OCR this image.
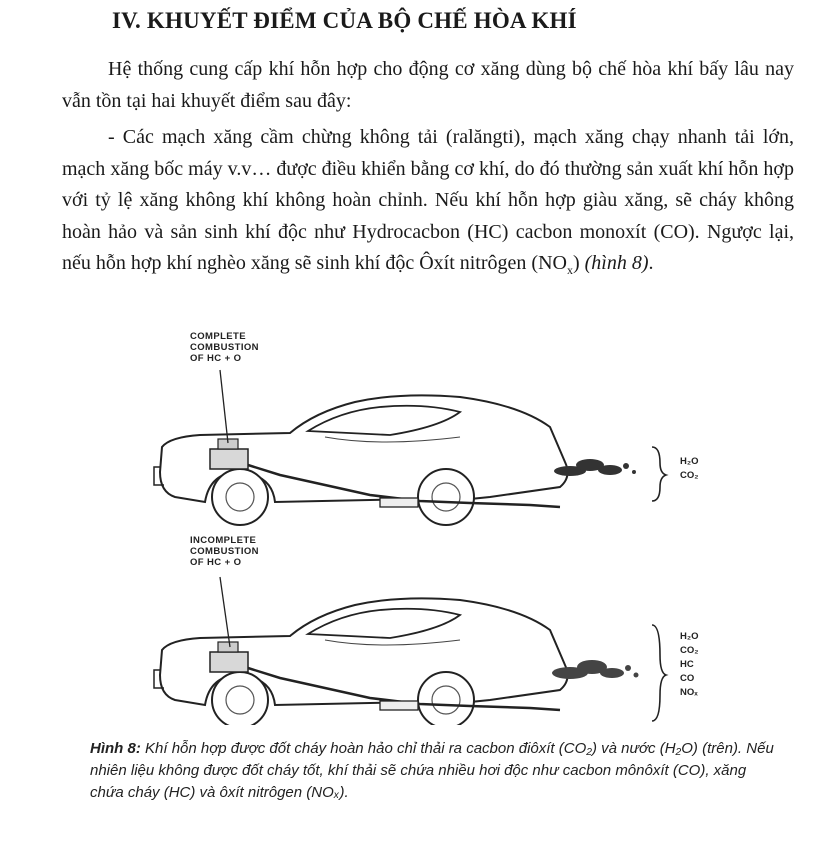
IV. KHUYẾT ĐIỂM CỦA BỘ CHẾ HÒA KHÍ

Hệ thống cung cấp khí hỗn hợp cho động cơ xăng dùng bộ chế hòa khí bấy lâu nay vẫn tồn tại hai khuyết điểm sau đây:

- Các mạch xăng cầm chừng không tải (ralăngti), mạch xăng chạy nhanh tải lớn, mạch xăng bốc máy v.v… được điều khiển bằng cơ khí, do đó thường sản xuất khí hỗn hợp với tỷ lệ xăng không khí không hoàn chỉnh. Nếu khí hỗn hợp giàu xăng, sẽ cháy không hoàn hảo và sản sinh khí độc như Hydrocacbon (HC) cacbon monoxít (CO). Ngược lại, nếu hỗn hợp khí nghèo xăng sẽ sinh khí độc Ôxít nitrôgen $(NO_x)$ (hình 8).

COMPLETE
COMBUSTION
OF HC + O
H₂O
CO₂
INCOMPLETE
COMBUSTION
OF HC + O
H₂O
CO₂
HC
CO
NOₓ

Hình 8: Khí hỗn hợp được đốt cháy hoàn hảo chỉ thải ra cacbon điôxít (CO₂) và nước (H₂O) (trên). Nếu nhiên liệu không được đốt cháy tốt, khí thải sẽ chứa nhiều hơi độc như cacbon mônôxít (CO), xăng chứa cháy (HC) và ôxít nitrôgen (NOₓ).
